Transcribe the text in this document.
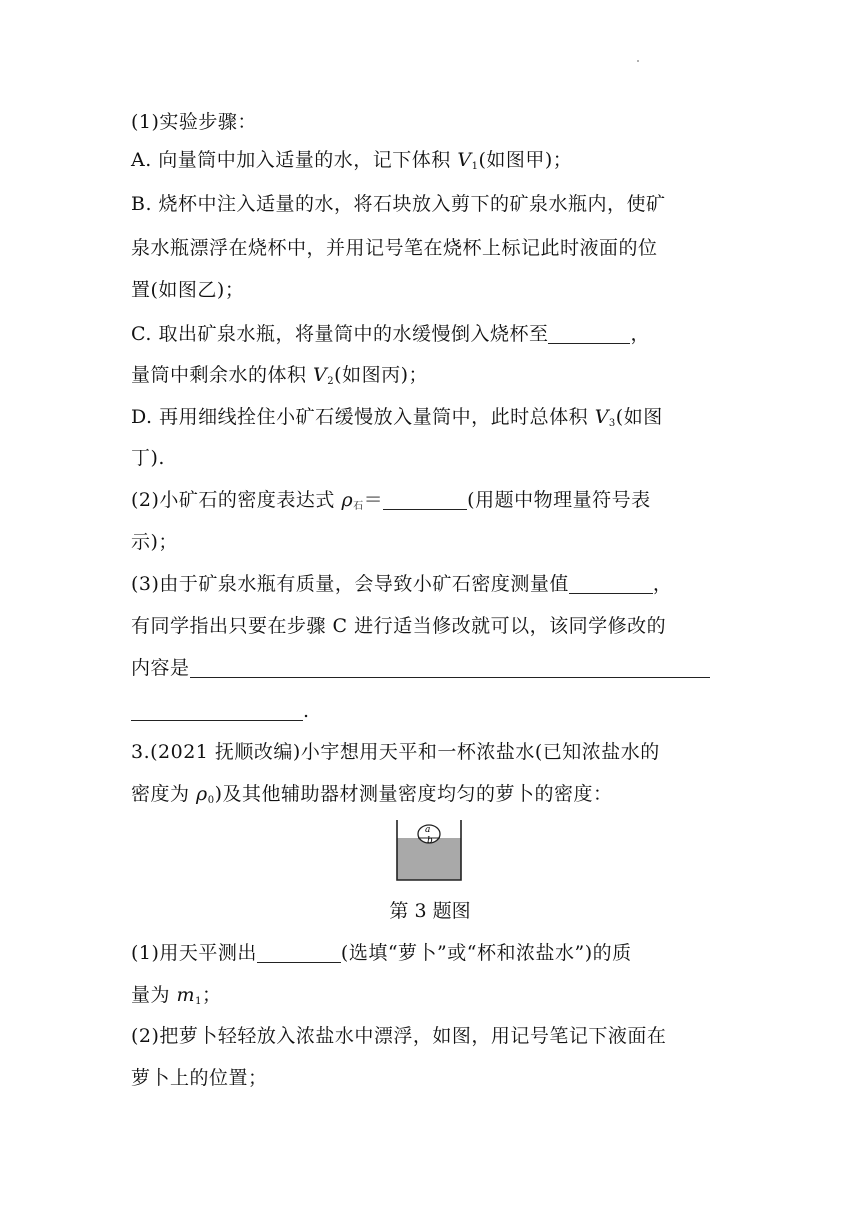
(1)实验步骤：
A. 向量筒中加入适量的水，记下体积 $V_1$(如图甲)；
B. 烧杯中注入适量的水，将石块放入剪下的矿泉水瓶内，使矿
泉水瓶漂浮在烧杯中，并用记号笔在烧杯上标记此时液面的位
置(如图乙)；
C. 取出矿泉水瓶，将量筒中的水缓慢倒入烧杯至	，
量筒中剩余水的体积 $V_2$(如图丙)；
D. 再用细线拴住小矿石缓慢放入量筒中，此时总体积 $V_3$(如图
丁).
(2)小矿石的密度表达式 $\rho_石=$	(用题中物理量符号表
示)；
(3)由于矿泉水瓶有质量，会导致小矿石密度测量值	，
有同学指出只要在步骤 C 进行适当修改就可以，该同学修改的
内容是
.
3.(2021 抚顺改编)小宇想用天平和一杯浓盐水(已知浓盐水的
密度为 $\rho_0$)及其他辅助器材测量密度均匀的萝卜的密度：
a
b
第 3 题图
(1)用天平测出	(选填“萝卜”或“杯和浓盐水”)的质
量为 $m_1$；
(2)把萝卜轻轻放入浓盐水中漂浮，如图，用记号笔记下液面在
萝卜上的位置；
